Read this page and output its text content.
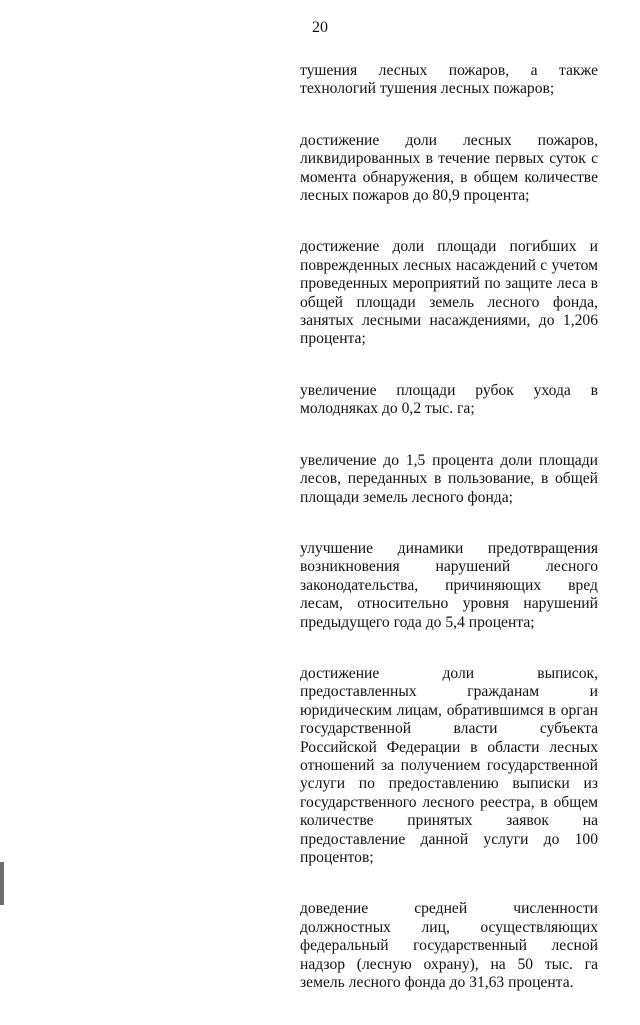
20

тушения лесных пожаров, а также технологий тушения лесных пожаров;

достижение доли лесных пожаров, ликвидированных в течение первых суток с момента обнаружения, в общем количестве лесных пожаров до 80,9 процента;

достижение доли площади погибших и поврежденных лесных насаждений с учетом проведенных мероприятий по защите леса в общей площади земель лесного фонда, занятых лесными насаждениями, до 1,206 процента;

увеличение площади рубок ухода в молодняках до 0,2 тыс. га;

увеличение до 1,5 процента доли площади лесов, переданных в пользование, в общей площади земель лесного фонда;

улучшение динамики предотвращения возникновения нарушений лесного законодательства, причиняющих вред лесам, относительно уровня нарушений предыдущего года до 5,4 процента;

достижение доли выписок, предоставленных гражданам и юридическим лицам, обратившимся в орган государственной власти субъекта Российской Федерации в области лесных отношений за получением государственной услуги по предоставлению выписки из государственного лесного реестра, в общем количестве принятых заявок на предоставление данной услуги до 100 процентов;

доведение средней численности должностных лиц, осуществляющих федеральный государственный лесной надзор (лесную охрану), на 50 тыс. га земель лесного фонда до 31,63 процента.
